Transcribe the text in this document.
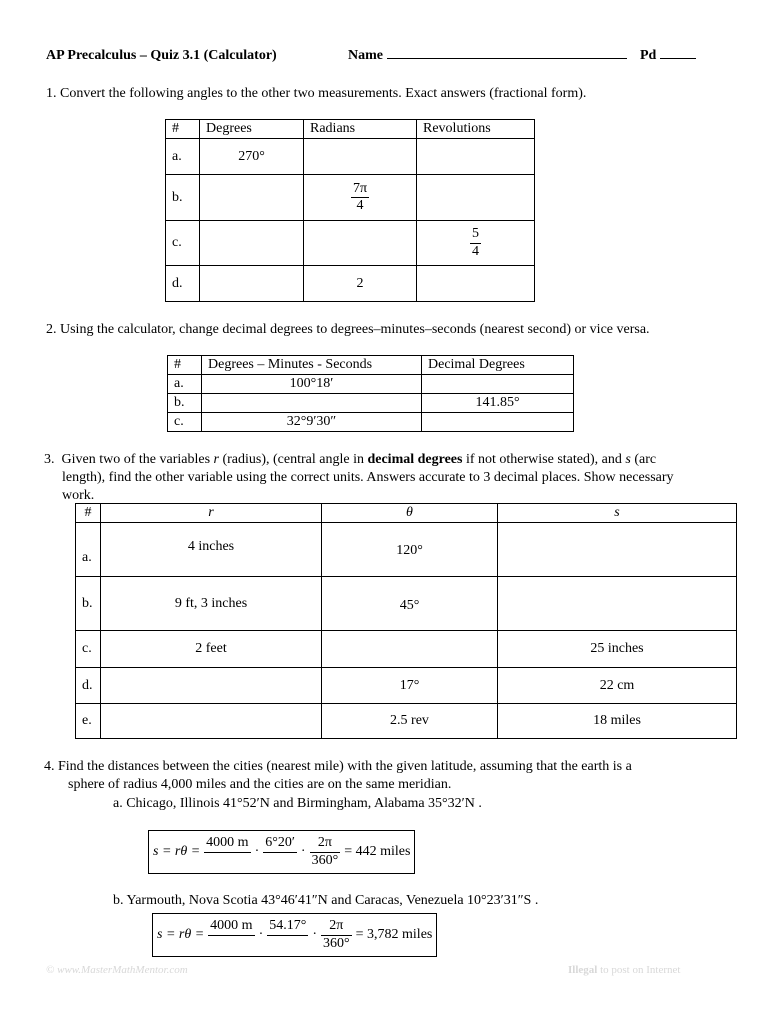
AP Precalculus – Quiz 3.1 (Calculator)	Name	Pd
1. Convert the following angles to the other two measurements. Exact answers (fractional form).
#	Degrees	Radians	Revolutions
a.	270°		
b.		$\frac{7\pi}{4}$

c.			$\frac{5}{4}$

d.		2	
2. Using the calculator, change decimal degrees to degrees–minutes–seconds (nearest second) or vice versa.
#	Degrees – Minutes - Seconds	Decimal Degrees
a.	100°18′	
b.		141.85°
c.	32°9′30″	
3. Given two of the variables r (radius), (central angle in decimal degrees if not otherwise stated), and s (arc
length), find the other variable using the correct units. Answers accurate to 3 decimal places. Show necessary
work.
#	r	θ	s
a.	4 inches	120°	
b.	9 ft, 3 inches	45°	
c.	2 feet		25 inches
d.		17°	22 cm
e.		2.5 rev	18 miles
4. Find the distances between the cities (nearest mile) with the given latitude, assuming that the earth is a
sphere of radius 4,000 miles and the cities are on the same meridian.
a. Chicago, Illinois 41°52′N and Birmingham, Alabama 35°32′N .
s = rθ =
4000 m

·
6°20′

· $\frac{2\pi}{360^\circ} = 442$ miles
b. Yarmouth, Nova Scotia 43°46′41″N and Caracas, Venezuela 10°23′31″S .
s = rθ =
4000 m

·
54.17°

· $\frac{2\pi}{360^\circ} = 3,782$ miles
© www.MasterMathMentor.com	Illegal to post on Internet
